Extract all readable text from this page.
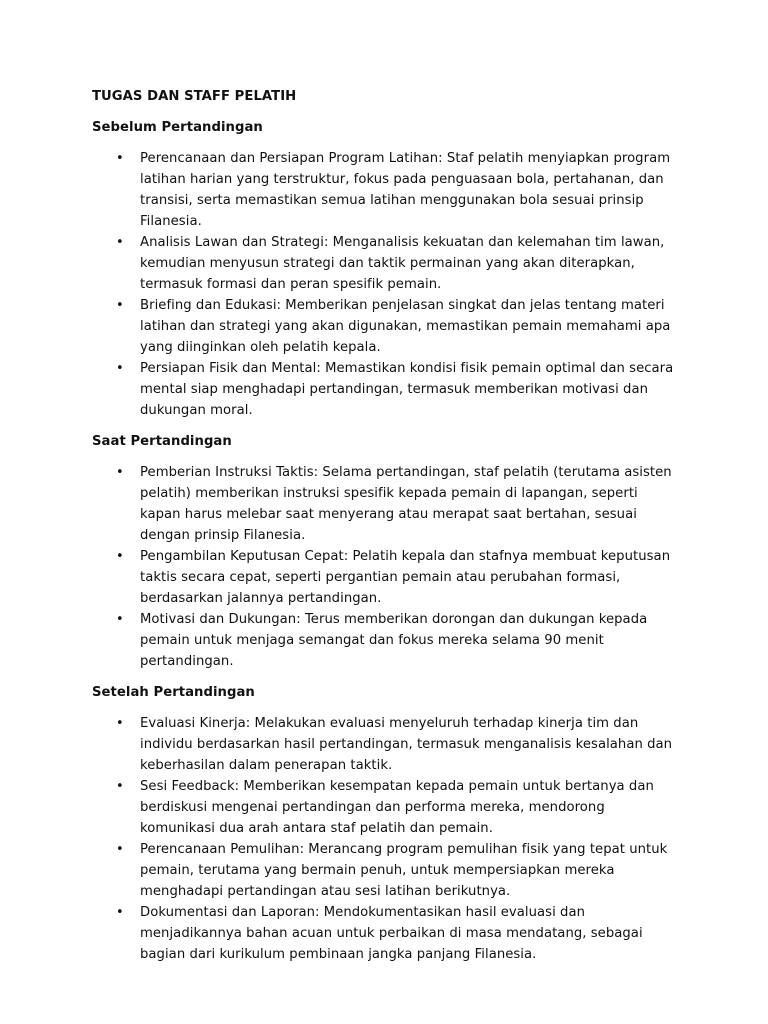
TUGAS DAN STAFF PELATIH
Sebelum Pertandingan
• Perencanaan dan Persiapan Program Latihan: Staf pelatih menyiapkan program latihan harian yang terstruktur, fokus pada penguasaan bola, pertahanan, dan transisi, serta memastikan semua latihan menggunakan bola sesuai prinsip Filanesia.
• Analisis Lawan dan Strategi: Menganalisis kekuatan dan kelemahan tim lawan, kemudian menyusun strategi dan taktik permainan yang akan diterapkan, termasuk formasi dan peran spesifik pemain.
• Briefing dan Edukasi: Memberikan penjelasan singkat dan jelas tentang materi latihan dan strategi yang akan digunakan, memastikan pemain memahami apa yang diinginkan oleh pelatih kepala.
• Persiapan Fisik dan Mental: Memastikan kondisi fisik pemain optimal dan secara mental siap menghadapi pertandingan, termasuk memberikan motivasi dan dukungan moral.
Saat Pertandingan
• Pemberian Instruksi Taktis: Selama pertandingan, staf pelatih (terutama asisten pelatih) memberikan instruksi spesifik kepada pemain di lapangan, seperti kapan harus melebar saat menyerang atau merapat saat bertahan, sesuai dengan prinsip Filanesia.
• Pengambilan Keputusan Cepat: Pelatih kepala dan stafnya membuat keputusan taktis secara cepat, seperti pergantian pemain atau perubahan formasi, berdasarkan jalannya pertandingan.
• Motivasi dan Dukungan: Terus memberikan dorongan dan dukungan kepada pemain untuk menjaga semangat dan fokus mereka selama 90 menit pertandingan.
Setelah Pertandingan
• Evaluasi Kinerja: Melakukan evaluasi menyeluruh terhadap kinerja tim dan individu berdasarkan hasil pertandingan, termasuk menganalisis kesalahan dan keberhasilan dalam penerapan taktik.
• Sesi Feedback: Memberikan kesempatan kepada pemain untuk bertanya dan berdiskusi mengenai pertandingan dan performa mereka, mendorong komunikasi dua arah antara staf pelatih dan pemain.
• Perencanaan Pemulihan: Merancang program pemulihan fisik yang tepat untuk pemain, terutama yang bermain penuh, untuk mempersiapkan mereka menghadapi pertandingan atau sesi latihan berikutnya.
• Dokumentasi dan Laporan: Mendokumentasikan hasil evaluasi dan menjadikannya bahan acuan untuk perbaikan di masa mendatang, sebagai bagian dari kurikulum pembinaan jangka panjang Filanesia.
